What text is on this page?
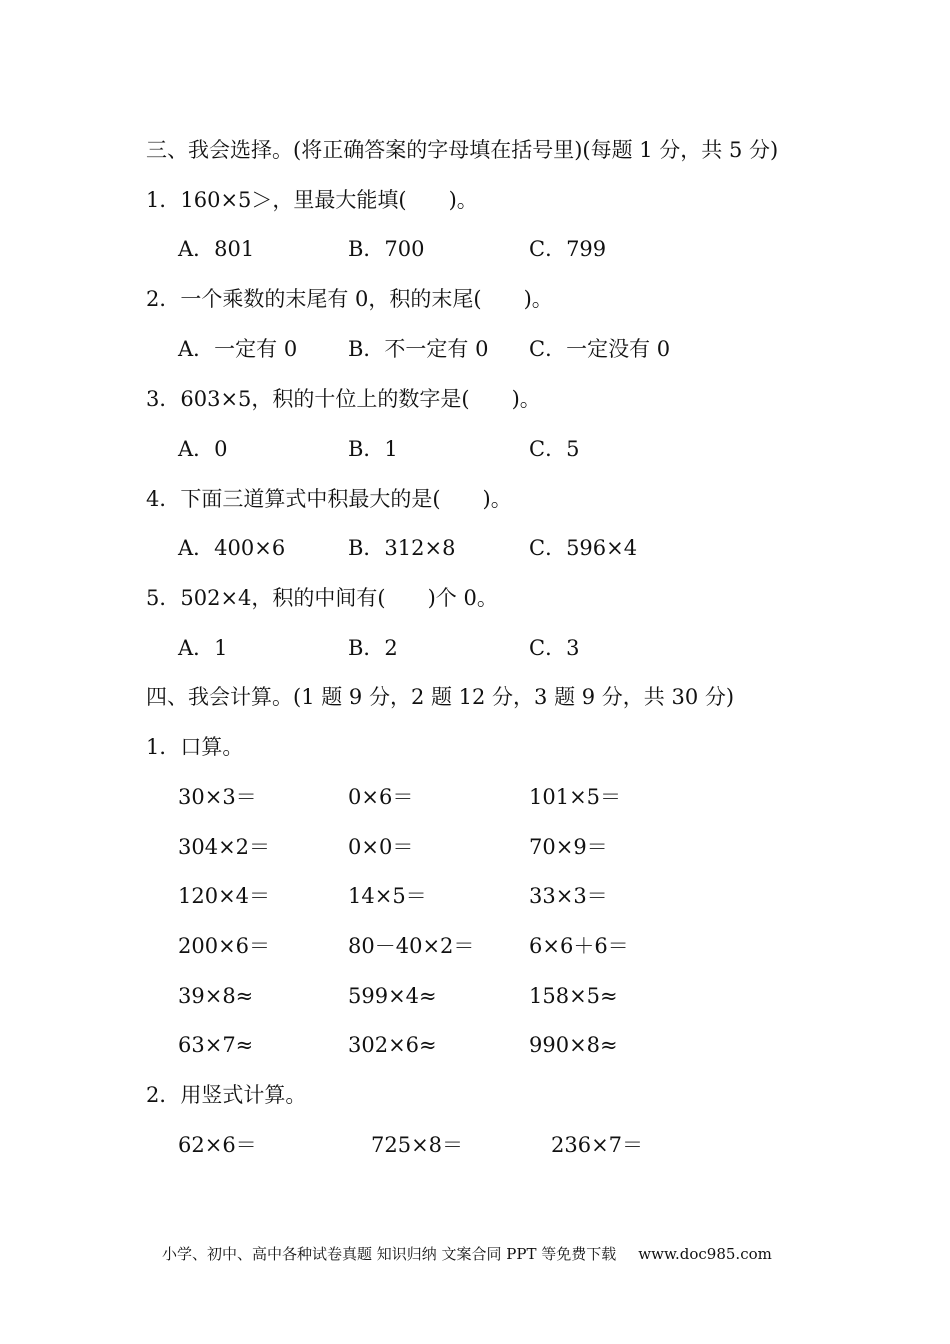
三、我会选择。(将正确答案的字母填在括号里)(每题 1 分，共 5 分)
1．160×5＞，里最大能填(　　)。
A．801	B．700	C．799
2．一个乘数的末尾有 0，积的末尾(　　)。
A．一定有 0 B．不一定有 0 C．一定没有 0
3．603×5，积的十位上的数字是(　　)。
A．0	B．1	C．5
4．下面三道算式中积最大的是(　　)。
A．400×6	B．312×8	C．596×4
5．502×4，积的中间有(　　)个 0。
A．1	B．2	C．3
四、我会计算。(1 题 9 分，2 题 12 分，3 题 9 分，共 30 分)
1．口算。
30×3＝	0×6＝	101×5＝
304×2＝	0×0＝	70×9＝
120×4＝	14×5＝	33×3＝
200×6＝	80－40×2＝	6×6＋6＝
39×8≈	599×4≈	158×5≈
63×7≈	302×6≈	990×8≈
2．用竖式计算。
62×6＝	725×8＝	236×7＝
小学、初中、高中各种试卷真题 知识归纳 文案合同 PPT 等免费下载 www.doc985.com
